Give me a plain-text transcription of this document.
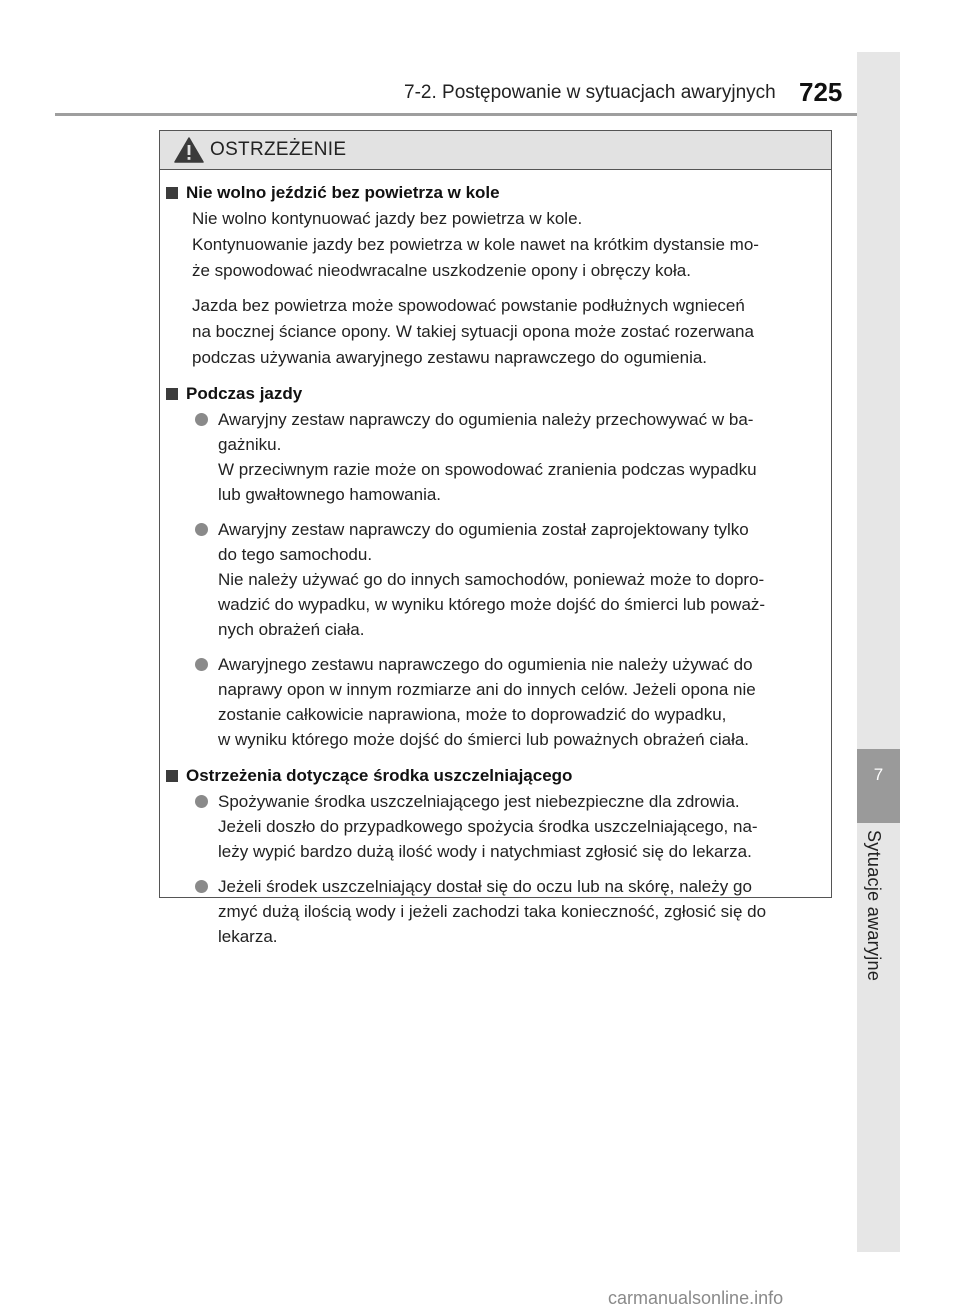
7-2. Postępowanie w sytuacjach awaryjnych 725
7
Sytuacje awaryjne
OSTRZEŻENIE
Nie wolno jeździć bez powietrza w kole
Nie wolno kontynuować jazdy bez powietrza w kole.
Kontynuowanie jazdy bez powietrza w kole nawet na krótkim dystansie mo-
że spowodować nieodwracalne uszkodzenie opony i obręczy koła.
Jazda bez powietrza może spowodować powstanie podłużnych wgnieceń
na bocznej ściance opony. W takiej sytuacji opona może zostać rozerwana
podczas używania awaryjnego zestawu naprawczego do ogumienia.
Podczas jazdy
Awaryjny zestaw naprawczy do ogumienia należy przechowywać w ba-
gażniku.
W przeciwnym razie może on spowodować zranienia podczas wypadku
lub gwałtownego hamowania.
Awaryjny zestaw naprawczy do ogumienia został zaprojektowany tylko
do tego samochodu.
Nie należy używać go do innych samochodów, ponieważ może to dopro-
wadzić do wypadku, w wyniku którego może dojść do śmierci lub poważ-
nych obrażeń ciała.
Awaryjnego zestawu naprawczego do ogumienia nie należy używać do
naprawy opon w innym rozmiarze ani do innych celów. Jeżeli opona nie
zostanie całkowicie naprawiona, może to doprowadzić do wypadku,
w wyniku którego może dojść do śmierci lub poważnych obrażeń ciała.
Ostrzeżenia dotyczące środka uszczelniającego
Spożywanie środka uszczelniającego jest niebezpieczne dla zdrowia.
Jeżeli doszło do przypadkowego spożycia środka uszczelniającego, na-
leży wypić bardzo dużą ilość wody i natychmiast zgłosić się do lekarza.
Jeżeli środek uszczelniający dostał się do oczu lub na skórę, należy go
zmyć dużą ilością wody i jeżeli zachodzi taka konieczność, zgłosić się do
lekarza.
carmanualsonline.info
